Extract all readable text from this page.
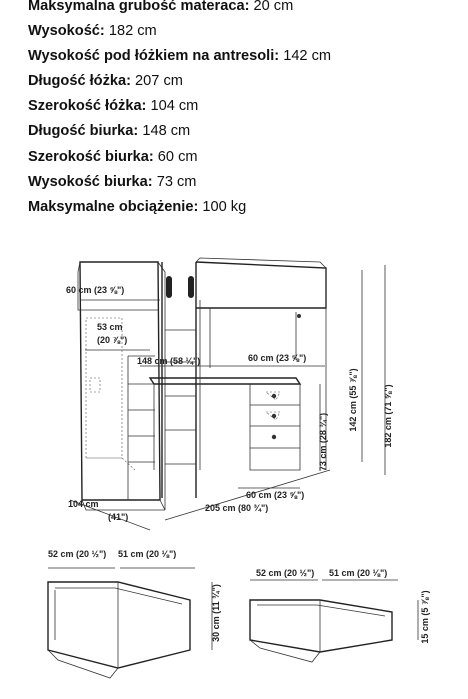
Maksymalna grubość materaca: 20 cm
Wysokość: 182 cm
Wysokość pod łóżkiem na antresoli: 142 cm
Długość łóżka: 207 cm
Szerokość łóżka: 104 cm
Długość biurka: 148 cm
Szerokość biurka: 60 cm
Wysokość biurka: 73 cm
Maksymalne obciążenie: 100 kg
60 cm (23 ⅝")
53 cm
(20 ⅞")
148 cm (58 ¼")	60 cm (23 ⅝")
182 cm (71 ⅝")
142 cm (55 ⅞")
73 cm (28 ¾")
60 cm (23 ⅝")
104 cm
(41")
205 cm (80 ¾")
52 cm (20 ½") 51 cm (20 ⅛")
30 cm (11 ¾")
52 cm (20 ½") 51 cm (20 ⅛")
15 cm (5 ⅞")
